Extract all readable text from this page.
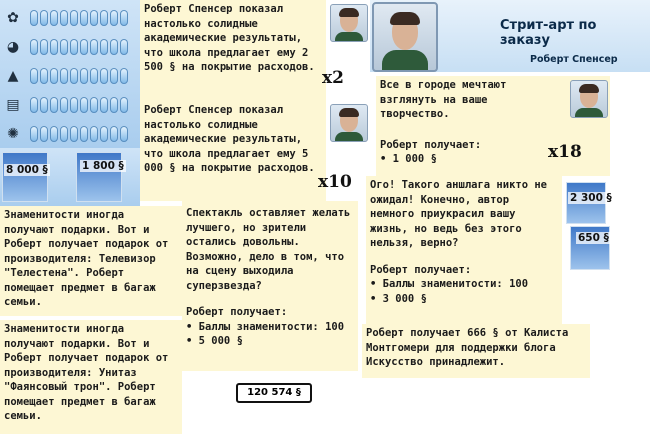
✿
◕
▲
▤
✺
8 000 §	1 800 §

Роберт Спенсер показал настолько солидные академические результаты, что школа предлагает ему 2 500 § на покрытие расходов.

x2

Роберт Спенсер показал настолько солидные академические результаты, что школа предлагает ему 5 000 § на покрытие расходов.

x10

Знаменитости иногда получают подарки. Вот и Роберт получает подарок от производителя: Телевизор "Телестена". Роберт помещает предмет в багаж семьи.

Знаменитости иногда получают подарки. Вот и Роберт получает подарок от производителя: Унитаз "Фаянсовый трон". Роберт помещает предмет в багаж семьи.

Спектакль оставляет желать лучшего, но зрители остались довольны. Возможно, дело в том, что на сцену выходила суперзвезда?

Роберт получает:

• Баллы знаменитости: 100

• 5 000 §

120 574 §
Стрит-арт по заказу
Роберт Спенсер

Все в городе мечтают взглянуть на ваше творчество.

Роберт получает:

• 1 000 §	x18

Ого! Такого аншлага никто не ожидал! Конечно, автор немного приукрасил вашу жизнь, но ведь без этого нельзя, верно?

Роберт получает:

• Баллы знаменитости: 100

• 3 000 §

2 300 §
650 §

Роберт получает 666 § от Калиста Монтгомери для поддержки блога Искусство принадлежит.
